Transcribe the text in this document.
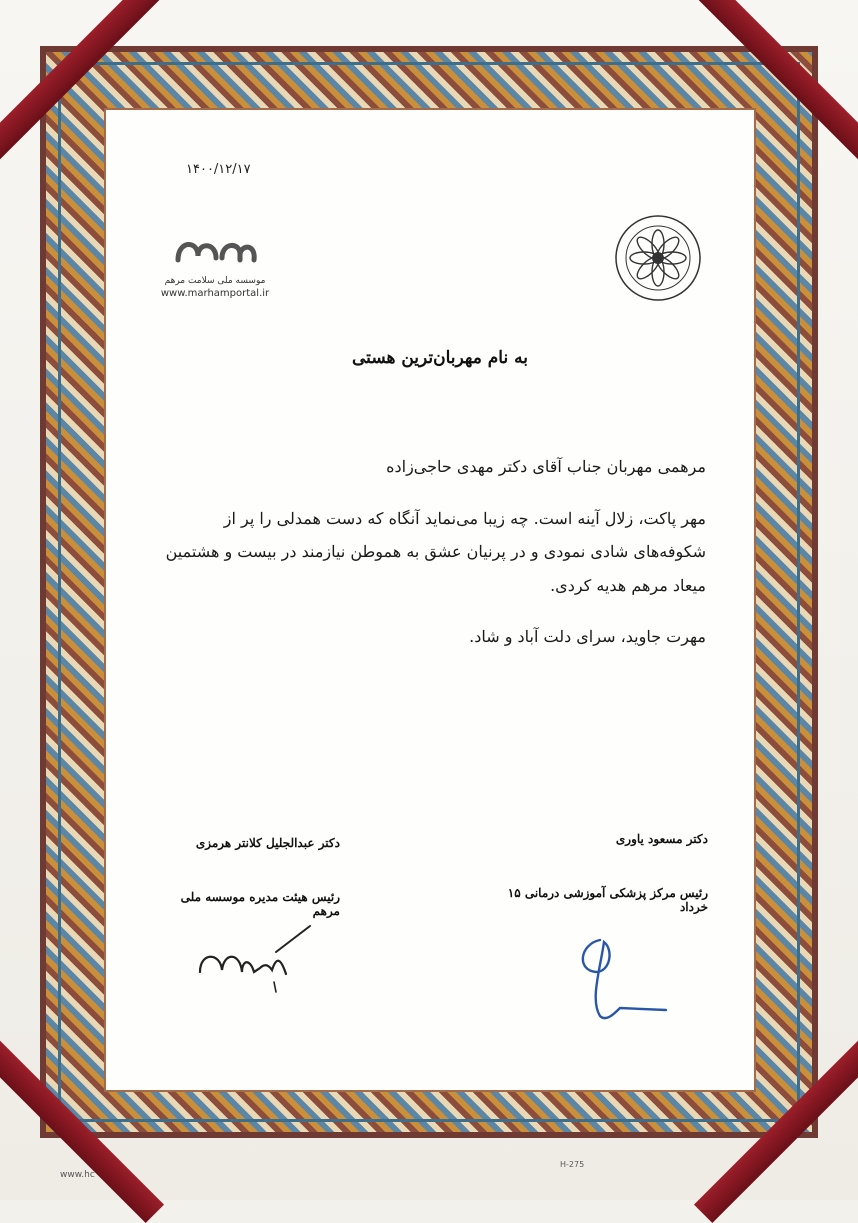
۱۴۰۰/۱۲/۱۷
موسسه ملی سلامت مرهم
www.marhamportal.ir
به نام مهربان‌ترین هستی

مرهمی مهربان جناب آقای دکتر مهدی حاجی‌زاده

مهر پاکت، زلال آینه است. چه زیبا می‌نماید آنگاه که دست همدلی را پر از شکوفه‌های شادی نمودی و در پرنیان عشق به هموطن نیازمند در بیست و هشتمین میعاد مرهم هدیه کردی.

مهرت جاوید، سرای دلت آباد و شاد.

دکتر عبدالجلیل کلانتر هرمزی
رئیس هیئت مدیره موسسه ملی مرهم
دکتر مسعود یاوری
رئیس مرکز پزشکی آموزشی درمانی ۱۵ خرداد
H-275
www.hc
